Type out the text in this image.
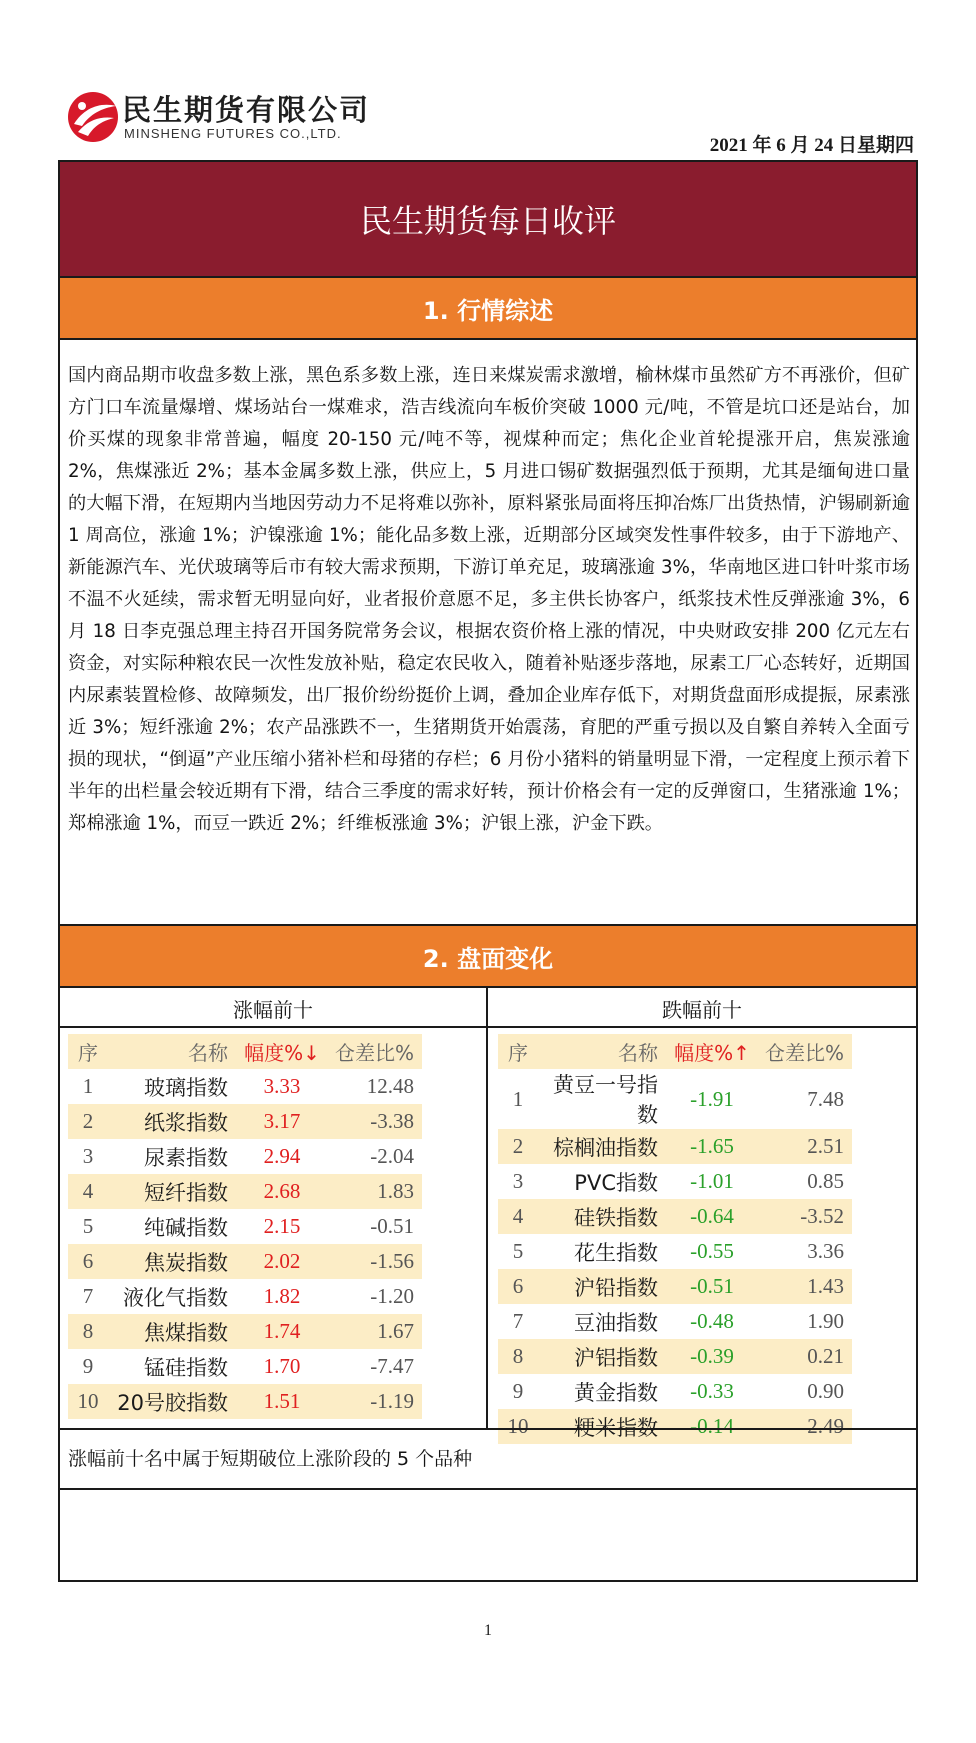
民生期货有限公司
MINSHENG FUTURES CO.,LTD.
2021 年 6 月 24 日星期四
民生期货每日收评
1. 行情综述

国内商品期市收盘多数上涨，黑色系多数上涨，连日来煤炭需求激增，榆林煤市虽然矿方不再涨价，但矿方门口车流量爆增、煤场站台一煤难求，浩吉线流向车板价突破 1000 元/吨，不管是坑口还是站台，加价买煤的现象非常普遍，幅度 20-150 元/吨不等，视煤种而定；焦化企业首轮提涨开启，焦炭涨逾 2%，焦煤涨近 2%；基本金属多数上涨，供应上，5 月进口锡矿数据强烈低于预期，尤其是缅甸进口量的大幅下滑，在短期内当地因劳动力不足将难以弥补，原料紧张局面将压抑冶炼厂出货热情，沪锡刷新逾 1 周高位，涨逾 1%；沪镍涨逾 1%；能化品多数上涨，近期部分区域突发性事件较多，由于下游地产、新能源汽车、光伏玻璃等后市有较大需求预期，下游订单充足，玻璃涨逾 3%，华南地区进口针叶浆市场不温不火延续，需求暂无明显向好，业者报价意愿不足，多主供长协客户，纸浆技术性反弹涨逾 3%，6 月 18 日李克强总理主持召开国务院常务会议，根据农资价格上涨的情况，中央财政安排 200 亿元左右资金，对实际种粮农民一次性发放补贴，稳定农民收入，随着补贴逐步落地，尿素工厂心态转好，近期国内尿素装置检修、故障频发，出厂报价纷纷挺价上调，叠加企业库存低下，对期货盘面形成提振，尿素涨近 3%；短纤涨逾 2%；农产品涨跌不一，生猪期货开始震荡，育肥的严重亏损以及自繁自养转入全面亏损的现状，“倒逼”产业压缩小猪补栏和母猪的存栏；6 月份小猪料的销量明显下滑，一定程度上预示着下半年的出栏量会较近期有下滑，结合三季度的需求好转，预计价格会有一定的反弹窗口，生猪涨逾 1%；郑棉涨逾 1%，而豆一跌近 2%；纤维板涨逾 3%；沪银上涨，沪金下跌。

2. 盘面变化
涨幅前十	跌幅前十
序	名称	幅度%↓	仓差比%
1	玻璃指数	3.33	12.48
2	纸浆指数	3.17	-3.38
3	尿素指数	2.94	-2.04
4	短纤指数	2.68	1.83
5	纯碱指数	2.15	-0.51
6	焦炭指数	2.02	-1.56
7	液化气指数	1.82	-1.20
8	焦煤指数	1.74	1.67
9	锰硅指数	1.70	-7.47
10	20号胶指数	1.51	-1.19
序	名称	幅度%↑	仓差比%
1	黄豆一号指数	-1.91	7.48
2	棕榈油指数	-1.65	2.51
3	PVC指数	-1.01	0.85
4	硅铁指数	-0.64	-3.52
5	花生指数	-0.55	3.36
6	沪铅指数	-0.51	1.43
7	豆油指数	-0.48	1.90
8	沪铝指数	-0.39	0.21
9	黄金指数	-0.33	0.90
10	粳米指数	-0.14	2.49
涨幅前十名中属于短期破位上涨阶段的 5 个品种
1
